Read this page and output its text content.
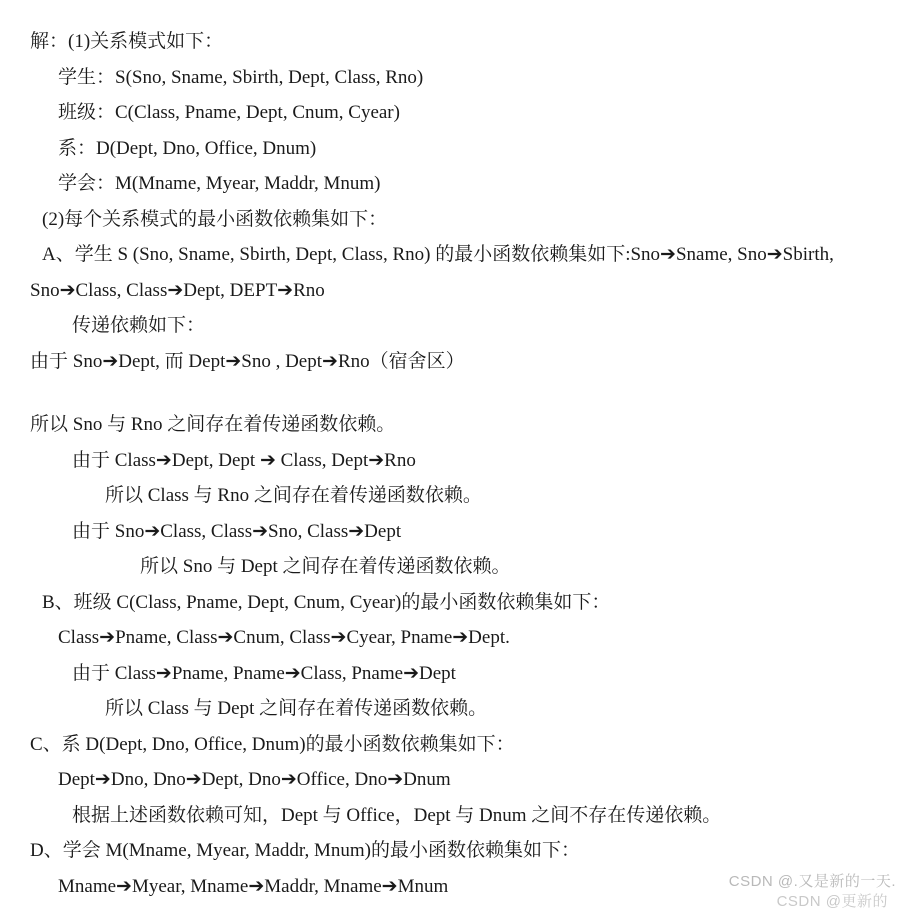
解：(1)关系模式如下：
学生：S(Sno, Sname, Sbirth, Dept, Class, Rno)
班级：C(Class, Pname, Dept, Cnum, Cyear)
系：D(Dept, Dno, Office, Dnum)
学会：M(Mname, Myear, Maddr, Mnum)
(2)每个关系模式的最小函数依赖集如下：
A、学生 S (Sno, Sname, Sbirth, Dept, Class, Rno) 的最小函数依赖集如下:Sno➔Sname, Sno➔Sbirth,
Sno➔Class, Class➔Dept, DEPT➔Rno
传递依赖如下：
由于 Sno➔Dept, 而 Dept➔Sno , Dept➔Rno（宿舍区）
所以 Sno 与 Rno 之间存在着传递函数依赖。
由于 Class➔Dept, Dept ➔ Class, Dept➔Rno
所以 Class 与 Rno 之间存在着传递函数依赖。
由于 Sno➔Class, Class➔Sno, Class➔Dept
所以 Sno 与 Dept 之间存在着传递函数依赖。
B、班级 C(Class, Pname, Dept, Cnum, Cyear)的最小函数依赖集如下：
Class➔Pname, Class➔Cnum, Class➔Cyear, Pname➔Dept.
由于 Class➔Pname, Pname➔Class, Pname➔Dept
所以 Class 与 Dept 之间存在着传递函数依赖。
C、系 D(Dept, Dno, Office, Dnum)的最小函数依赖集如下：
Dept➔Dno, Dno➔Dept, Dno➔Office, Dno➔Dnum
根据上述函数依赖可知，Dept 与 Office，Dept 与 Dnum 之间不存在传递依赖。
D、学会 M(Mname, Myear, Maddr, Mnum)的最小函数依赖集如下：
Mname➔Myear, Mname➔Maddr, Mname➔Mnum	CSDN @.又是新的一天.
CSDN @更新的
